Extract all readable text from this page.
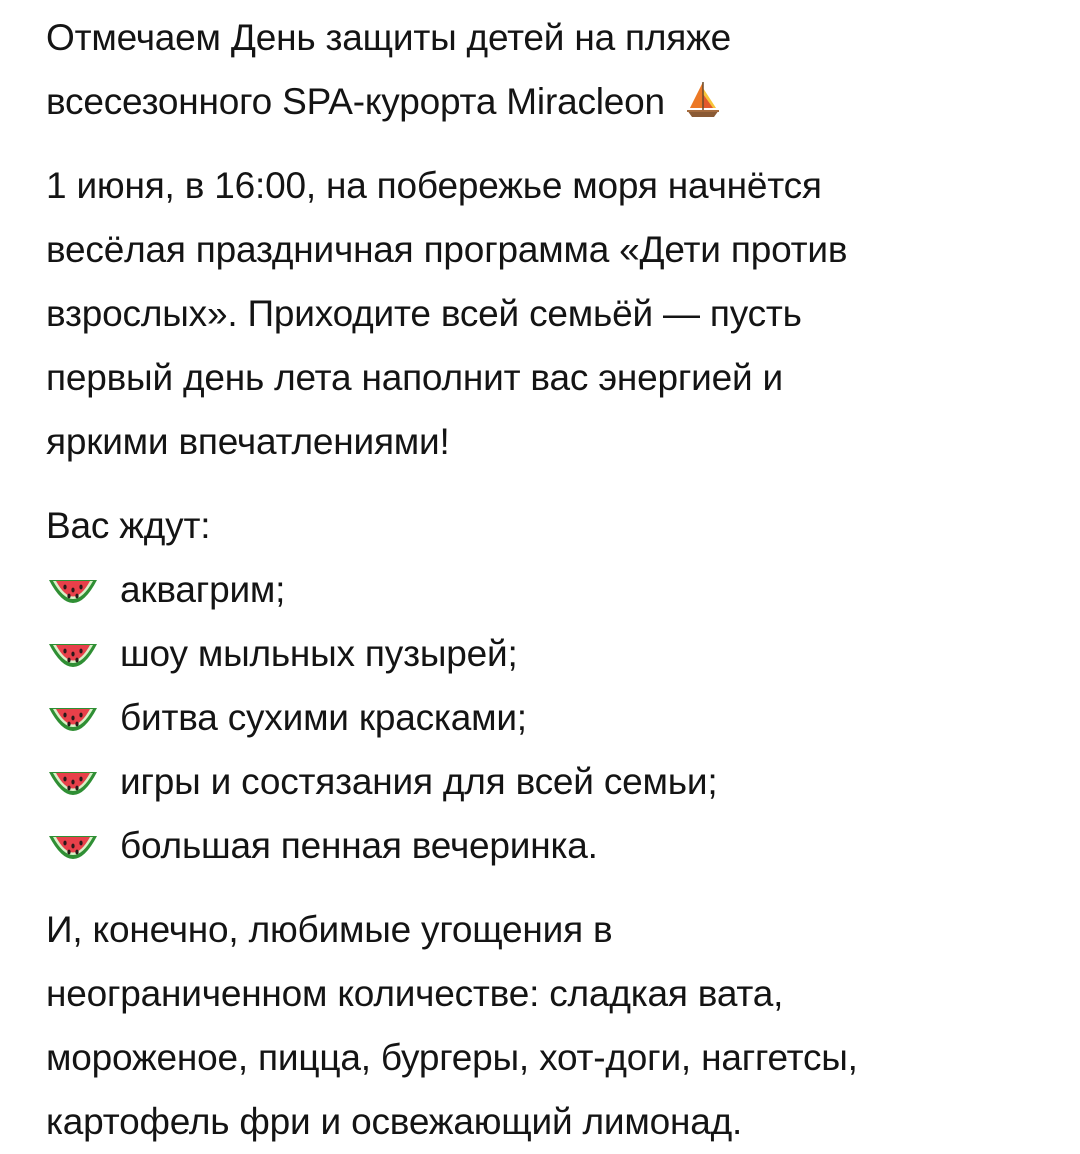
Отмечаем День защиты детей на пляже
всесезонного SPA-курорта Miracleon
1 июня, в 16:00, на побережье моря начнётся
весёлая праздничная программа «Дети против
взрослых». Приходите всей семьёй — пусть
первый день лета наполнит вас энергией и
яркими впечатлениями!
Вас ждут:
аквагрим;
шоу мыльных пузырей;
битва сухими красками;
игры и состязания для всей семьи;
большая пенная вечеринка.
И, конечно, любимые угощения в
неограниченном количестве: сладкая вата,
мороженое, пицца, бургеры, хот-доги, наггетсы,
картофель фри и освежающий лимонад.
